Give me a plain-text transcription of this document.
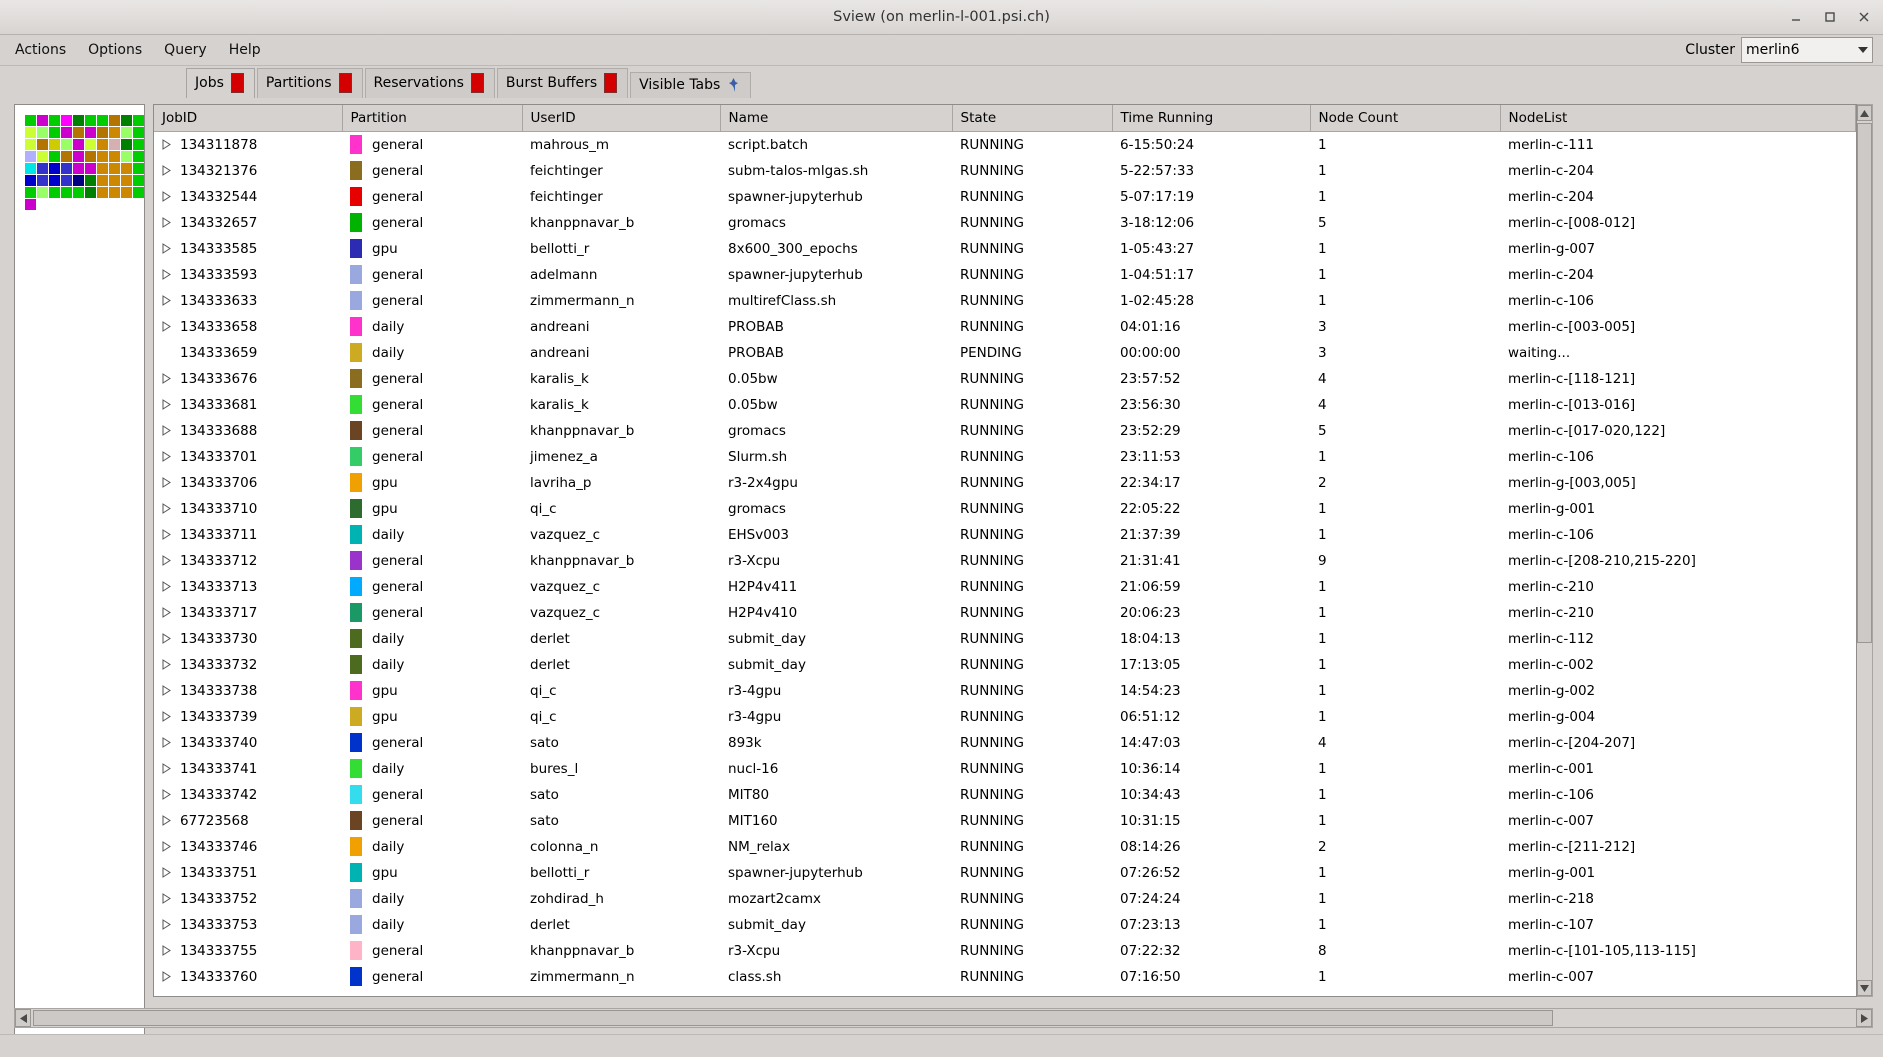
Sview (on merlin-l-001.psi.ch)
Actions	Options	Query	Help	Cluster merlin6
Jobs	Partitions	Reservations	Burst Buffers	Visible Tabs
JobID	Partition	UserID	Name	State	Time Running	Node Count	NodeList

134311878	general	mahrous_m	script.batch	RUNNING	6-15:50:24	1	merlin-c-111

134321376	general	feichtinger	subm-talos-mlgas.sh	RUNNING	5-22:57:33	1	merlin-c-204

134332544	general	feichtinger	spawner-jupyterhub	RUNNING	5-07:17:19	1	merlin-c-204

134332657	general	khanppnavar_b	gromacs	RUNNING	3-18:12:06	5	merlin-c-[008-012]

134333585	gpu	bellotti_r	8x600_300_epochs	RUNNING	1-05:43:27	1	merlin-g-007

134333593	general	adelmann	spawner-jupyterhub	RUNNING	1-04:51:17	1	merlin-c-204

134333633	general	zimmermann_n	multirefClass.sh	RUNNING	1-02:45:28	1	merlin-c-106

134333658	daily	andreani	PROBAB	RUNNING	04:01:16	3	merlin-c-[003-005]

134333659	daily	andreani	PROBAB	PENDING	00:00:00	3	waiting...

134333676	general	karalis_k	0.05bw	RUNNING	23:57:52	4	merlin-c-[118-121]

134333681	general	karalis_k	0.05bw	RUNNING	23:56:30	4	merlin-c-[013-016]

134333688	general	khanppnavar_b	gromacs	RUNNING	23:52:29	5	merlin-c-[017-020,122]

134333701	general	jimenez_a	Slurm.sh	RUNNING	23:11:53	1	merlin-c-106

134333706	gpu	lavriha_p	r3-2x4gpu	RUNNING	22:34:17	2	merlin-g-[003,005]

134333710	gpu	qi_c	gromacs	RUNNING	22:05:22	1	merlin-g-001

134333711	daily	vazquez_c	EHSv003	RUNNING	21:37:39	1	merlin-c-106

134333712	general	khanppnavar_b	r3-Xcpu	RUNNING	21:31:41	9	merlin-c-[208-210,215-220]

134333713	general	vazquez_c	H2P4v411	RUNNING	21:06:59	1	merlin-c-210

134333717	general	vazquez_c	H2P4v410	RUNNING	20:06:23	1	merlin-c-210

134333730	daily	derlet	submit_day	RUNNING	18:04:13	1	merlin-c-112

134333732	daily	derlet	submit_day	RUNNING	17:13:05	1	merlin-c-002

134333738	gpu	qi_c	r3-4gpu	RUNNING	14:54:23	1	merlin-g-002

134333739	gpu	qi_c	r3-4gpu	RUNNING	06:51:12	1	merlin-g-004

134333740	general	sato	893k	RUNNING	14:47:03	4	merlin-c-[204-207]

134333741	daily	bures_l	nucl-16	RUNNING	10:36:14	1	merlin-c-001

134333742	general	sato	MIT80	RUNNING	10:34:43	1	merlin-c-106

67723568	general	sato	MIT160	RUNNING	10:31:15	1	merlin-c-007

134333746	daily	colonna_n	NM_relax	RUNNING	08:14:26	2	merlin-c-[211-212]

134333751	gpu	bellotti_r	spawner-jupyterhub	RUNNING	07:26:52	1	merlin-g-001

134333752	daily	zohdirad_h	mozart2camx	RUNNING	07:24:24	1	merlin-c-218

134333753	daily	derlet	submit_day	RUNNING	07:23:13	1	merlin-c-107

134333755	general	khanppnavar_b	r3-Xcpu	RUNNING	07:22:32	8	merlin-c-[101-105,113-115]

134333760	general	zimmermann_n	class.sh	RUNNING	07:16:50	1	merlin-c-007
